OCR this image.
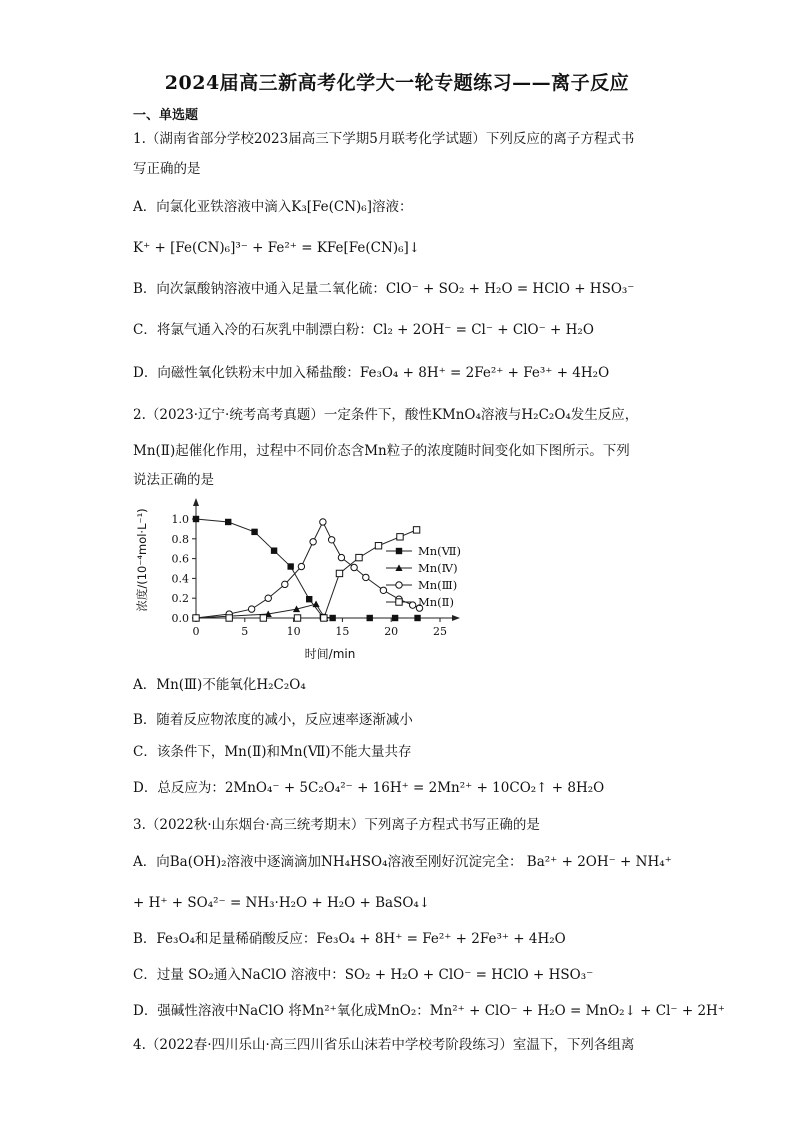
2024届高三新高考化学大一轮专题练习——离子反应
一、单选题
1.（湖南省部分学校2023届高三下学期5月联考化学试题）下列反应的离子方程式书
写正确的是
A．向氯化亚铁溶液中滴入K₃[Fe(CN)₆]溶液：
K⁺ + [Fe(CN)₆]³⁻ + Fe²⁺ = KFe[Fe(CN)₆]↓
B．向次氯酸钠溶液中通入足量二氧化硫：ClO⁻ + SO₂ + H₂O = HClO + HSO₃⁻
C．将氯气通入冷的石灰乳中制漂白粉：Cl₂ + 2OH⁻ = Cl⁻ + ClO⁻ + H₂O
D．向磁性氧化铁粉末中加入稀盐酸：Fe₃O₄ + 8H⁺ = 2Fe²⁺ + Fe³⁺ + 4H₂O
2.（2023·辽宁·统考高考真题）一定条件下，酸性KMnO₄溶液与H₂C₂O₄发生反应，
Mn(Ⅱ)起催化作用，过程中不同价态含Mn粒子的浓度随时间变化如下图所示。下列
说法正确的是
0	5	10	15	20	25
0.0
0.2
0.4
0.6
0.8
1.0
时间/min
浓度/(10⁻⁴mol·L⁻¹)	Mn(Ⅶ)
Mn(Ⅳ)
Mn(Ⅲ)
Mn(Ⅱ)
A．Mn(Ⅲ)不能氧化H₂C₂O₄
B．随着反应物浓度的减小，反应速率逐渐减小
C．该条件下，Mn(Ⅱ)和Mn(Ⅶ)不能大量共存
D．总反应为：2MnO₄⁻ + 5C₂O₄²⁻ + 16H⁺ = 2Mn²⁺ + 10CO₂↑ + 8H₂O
3.（2022秋·山东烟台·高三统考期末）下列离子方程式书写正确的是
A．向Ba(OH)₂溶液中逐滴滴加NH₄HSO₄溶液至刚好沉淀完全： Ba²⁺ + 2OH⁻ + NH₄⁺
+ H⁺ + SO₄²⁻ = NH₃·H₂O + H₂O + BaSO₄↓
B．Fe₃O₄和足量稀硝酸反应：Fe₃O₄ + 8H⁺ = Fe²⁺ + 2Fe³⁺ + 4H₂O
C．过量 SO₂通入NaClO 溶液中：SO₂ + H₂O + ClO⁻ = HClO + HSO₃⁻
D．强碱性溶液中NaClO 将Mn²⁺氧化成MnO₂：Mn²⁺ + ClO⁻ + H₂O = MnO₂↓ + Cl⁻ + 2H⁺
4.（2022春·四川乐山·高三四川省乐山沫若中学校考阶段练习）室温下，下列各组离
